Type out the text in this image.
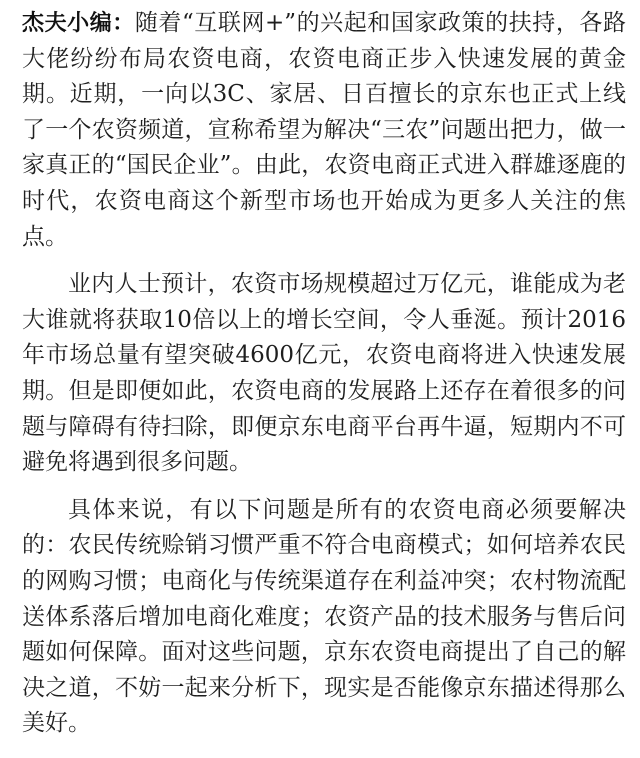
杰夫小编：随着“互联网+”的兴起和国家政策的扶持，各路大佬纷纷布局农资电商，农资电商正步入快速发展的黄金期。近期，一向以3C、家居、日百擅长的京东也正式上线了一个农资频道，宣称希望为解决“三农”问题出把力，做一家真正的“国民企业”。由此，农资电商正式进入群雄逐鹿的时代，农资电商这个新型市场也开始成为更多人关注的焦点。

业内人士预计，农资市场规模超过万亿元，谁能成为老大谁就将获取10倍以上的增长空间，令人垂涎。预计2016年市场总量有望突破4600亿元，农资电商将进入快速发展期。但是即便如此，农资电商的发展路上还存在着很多的问题与障碍有待扫除，即便京东电商平台再牛逼，短期内不可避免将遇到很多问题。

具体来说，有以下问题是所有的农资电商必须要解决的：农民传统赊销习惯严重不符合电商模式；如何培养农民的网购习惯；电商化与传统渠道存在利益冲突；农村物流配送体系落后增加电商化难度；农资产品的技术服务与售后问题如何保障。面对这些问题，京东农资电商提出了自己的解决之道，不妨一起来分析下，现实是否能像京东描述得那么美好。
